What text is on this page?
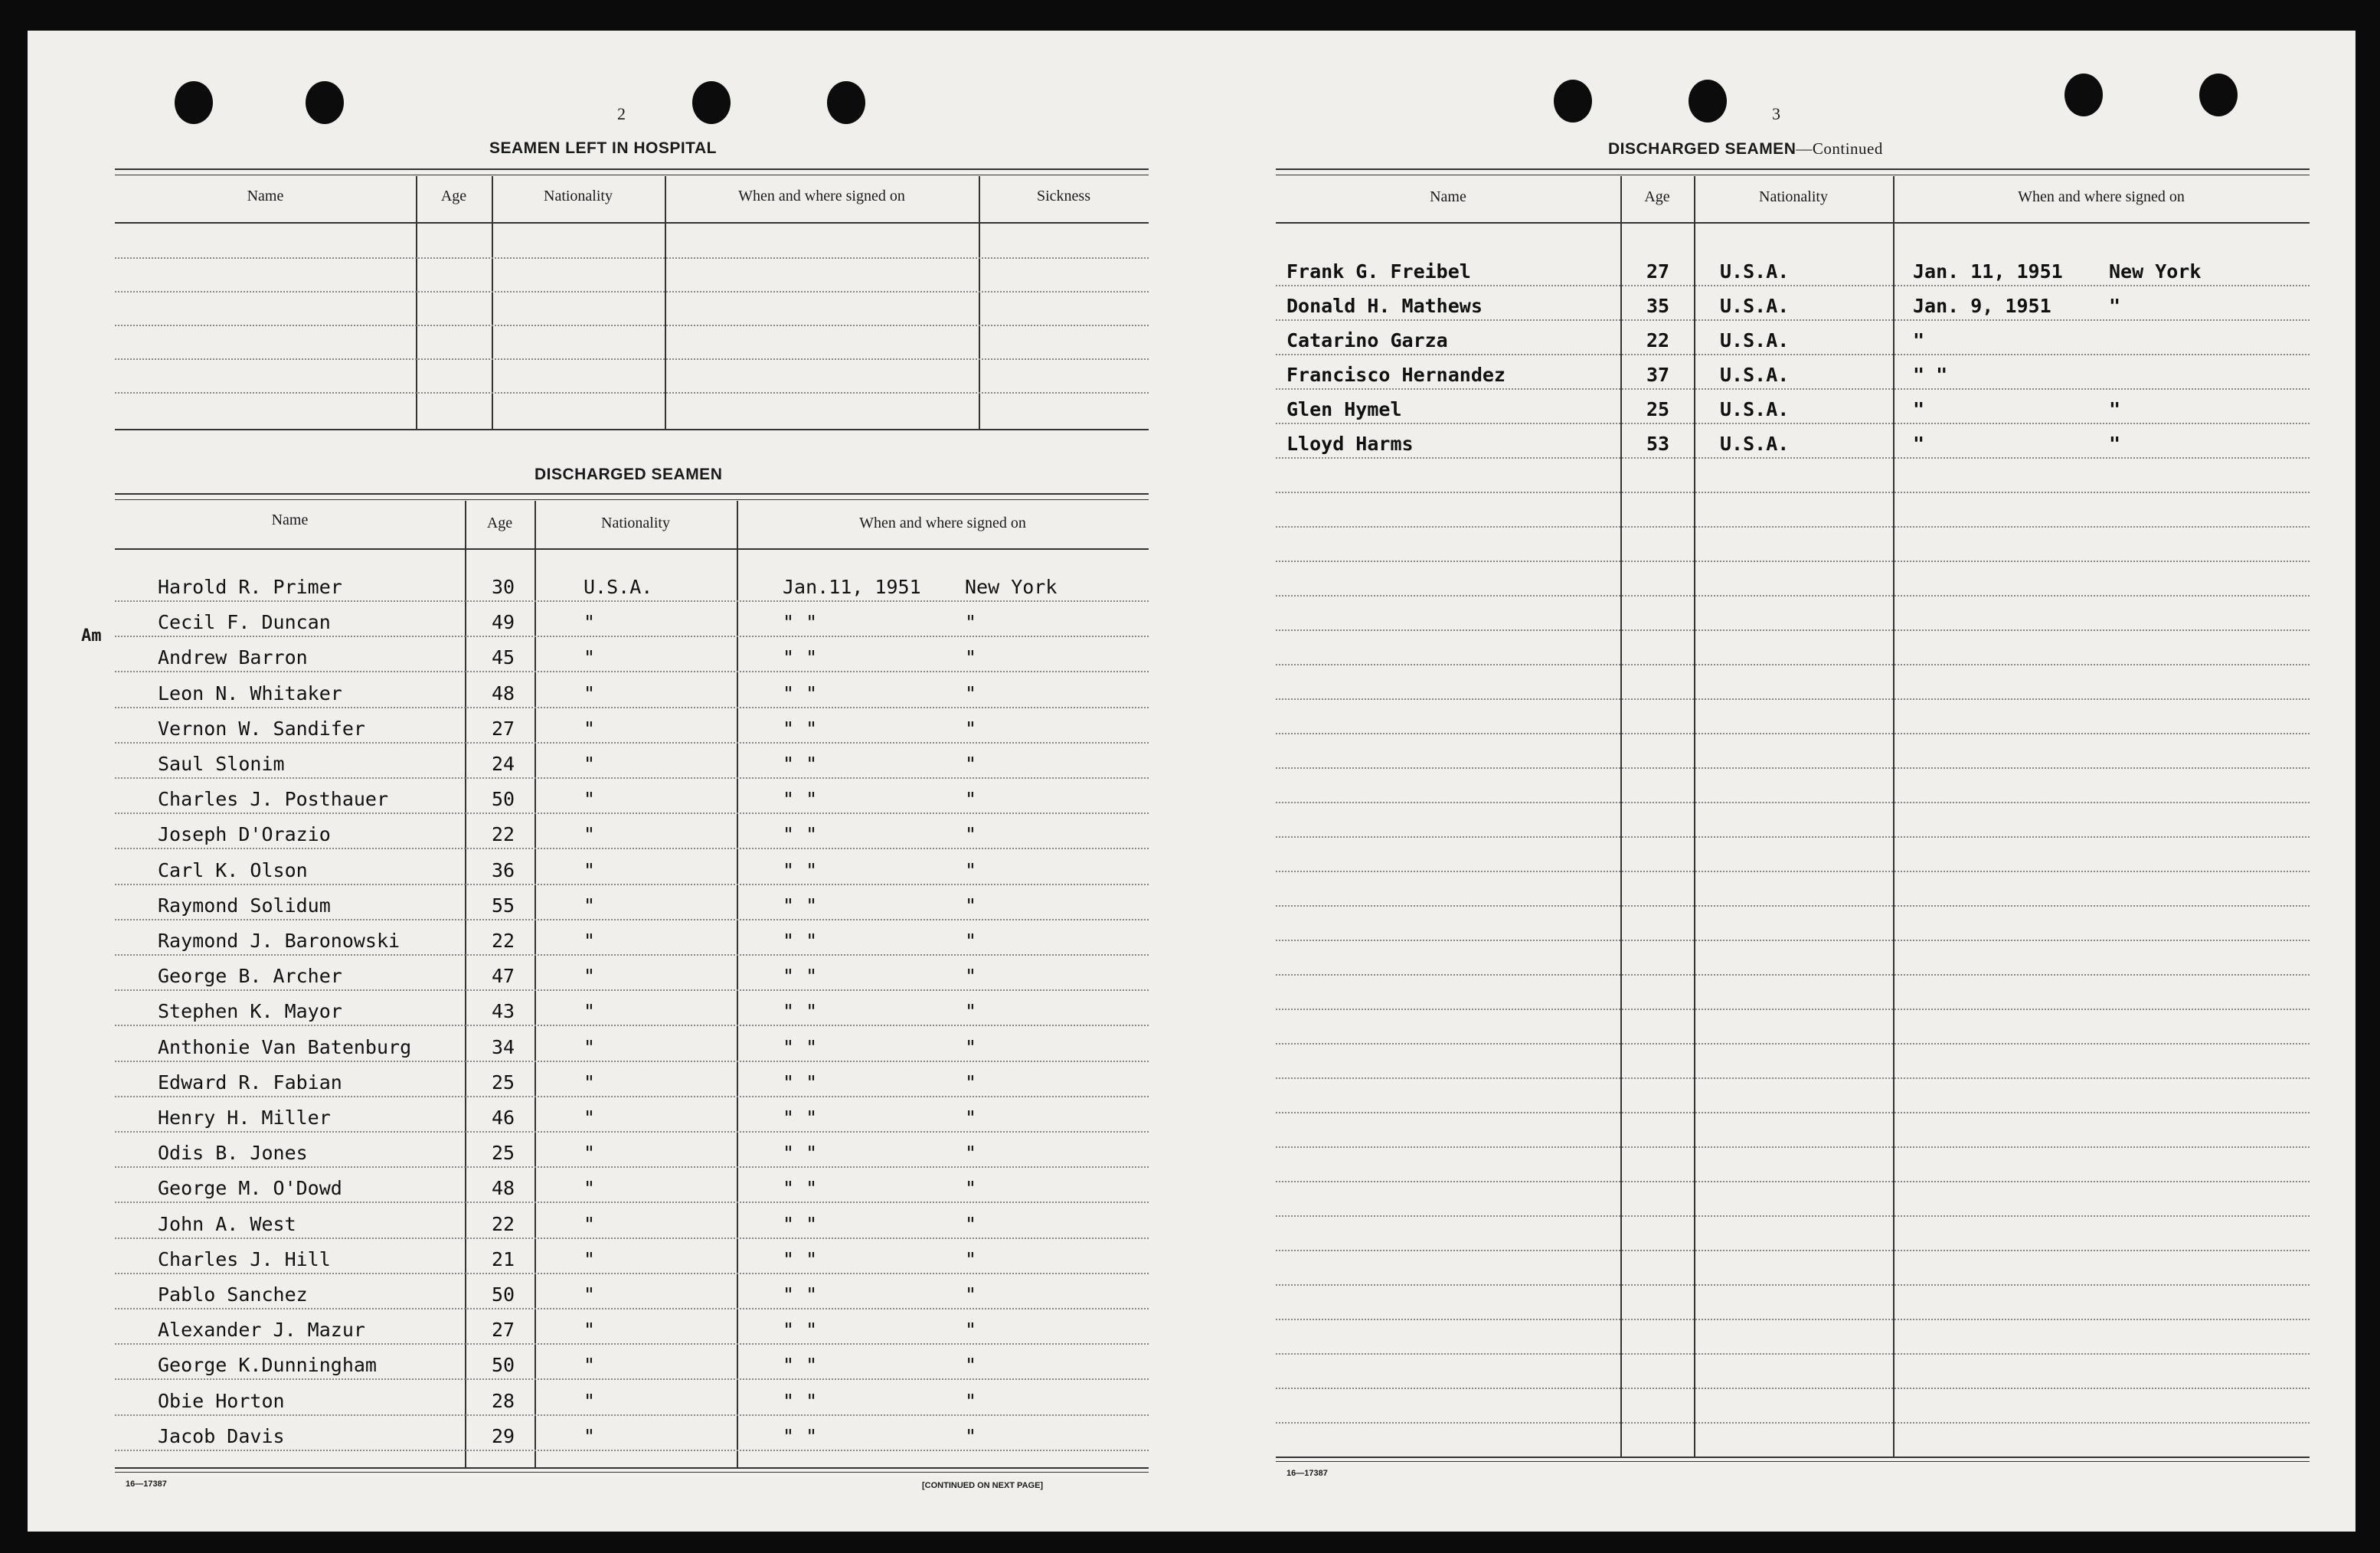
2
SEAMEN LEFT IN HOSPITAL
Name	Age	Nationality	When and where signed on	Sickness
DISCHARGED SEAMEN
Name	Age	Nationality	When and where signed on
Harold R. Primer	30	U.S.A.	Jan.11, 1951 New York
Cecil F. Duncan	49	"	" "	"
Andrew Barron	45	"	" "	"
Leon N. Whitaker	48	"	" "	"
Vernon W. Sandifer	27	"	" "	"
Saul Slonim	24	"	" "	"
Charles J. Posthauer	50	"	" "	"
Joseph D'Orazio	22	"	" "	"
Carl K. Olson	36	"	" "	"
Raymond Solidum	55	"	" "	"
Raymond J. Baronowski	22	"	" "	"
George B. Archer	47	"	" "	"
Stephen K. Mayor	43	"	" "	"
Anthonie Van Batenburg	34	"	" "	"
Edward R. Fabian	25	"	" "	"
Henry H. Miller	46	"	" "	"
Odis B. Jones	25	"	" "	"
George M. O'Dowd	48	"	" "	"
John A. West	22	"	" "	"
Charles J. Hill	21	"	" "	"
Pablo Sanchez	50	"	" "	"
Alexander J. Mazur	27	"	" "	"
George K.Dunningham	50	"	" "	"
Obie Horton	28	"	" "	"
Jacob Davis	29	"	" "	"
Am
16—17387	[CONTINUED ON NEXT PAGE]
3
DISCHARGED SEAMEN—Continued
Name	Age	Nationality	When and where signed on
Frank G. Freibel	27	U.S.A.	Jan. 11, 1951 New York
Donald H. Mathews	35	U.S.A.	Jan. 9, 1951	"
Catarino Garza	22	U.S.A.	"
Francisco Hernandez	37	U.S.A.	" "
Glen Hymel	25	U.S.A.	"	"
Lloyd Harms	53	U.S.A.	"	"
16—17387
